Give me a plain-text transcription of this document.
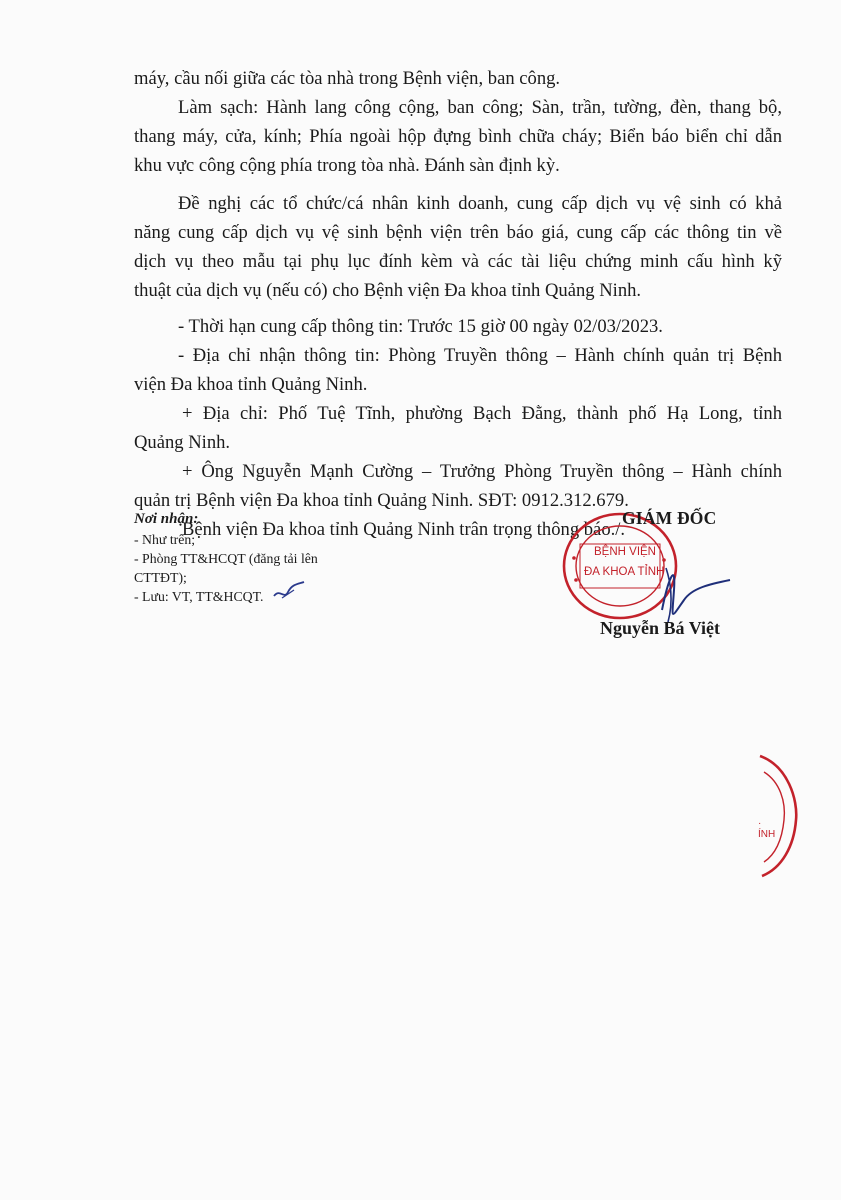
máy, cầu nối giữa các tòa nhà trong Bệnh viện, ban công.
Làm sạch: Hành lang công cộng, ban công; Sàn, trần, tường, đèn, thang bộ,
thang máy, cửa, kính; Phía ngoài hộp đựng bình chữa cháy; Biển báo biển chỉ dẫn
khu vực công cộng phía trong tòa nhà. Đánh sàn định kỳ.
Đề nghị các tổ chức/cá nhân kinh doanh, cung cấp dịch vụ vệ sinh có khả
năng cung cấp dịch vụ vệ sinh bệnh viện trên báo giá, cung cấp các thông tin về
dịch vụ theo mẫu tại phụ lục đính kèm và các tài liệu chứng minh cấu hình kỹ
thuật của dịch vụ (nếu có) cho Bệnh viện Đa khoa tỉnh Quảng Ninh.
- Thời hạn cung cấp thông tin: Trước 15 giờ 00 ngày 02/03/2023.
- Địa chỉ nhận thông tin: Phòng Truyền thông – Hành chính quản trị Bệnh
viện Đa khoa tỉnh Quảng Ninh.
+ Địa chỉ: Phố Tuệ Tĩnh, phường Bạch Đằng, thành phố Hạ Long, tỉnh
Quảng Ninh.
+ Ông Nguyễn Mạnh Cường – Trưởng Phòng Truyền thông – Hành chính
quản trị Bệnh viện Đa khoa tỉnh Quảng Ninh. SĐT: 0912.312.679.
Bệnh viện Đa khoa tỉnh Quảng Ninh trân trọng thông báo./.
Nơi nhận:
- Như trên;
- Phòng TT&HCQT (đăng tải lên
CTTĐT);
- Lưu: VT, TT&HCQT.
BỆNH VIỆN
ĐA KHOA TỈNH
GIÁM ĐỐC
Nguyễn Bá Việt
·
ÍNH
